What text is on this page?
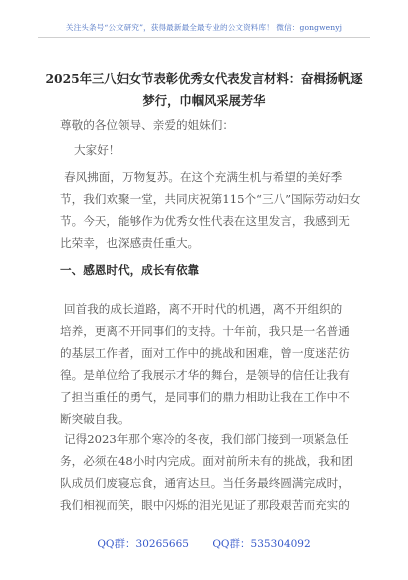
关注头条号“公文研究”，获得最新最全最专业的公文资料库！ 微信：gongwenyj
2025年三八妇女节表彰优秀女代表发言材料：奋楫扬帆逐
梦行，巾帼风采展芳华
尊敬的各位领导、亲爱的姐妹们：
大家好！
春风拂面，万物复苏。在这个充满生机与希望的美好季
节，我们欢聚一堂，共同庆祝第115个“三八”国际劳动妇女
节。今天，能够作为优秀女性代表在这里发言，我感到无
比荣幸，也深感责任重大。
一、感恩时代，成长有依靠
回首我的成长道路，离不开时代的机遇，离不开组织的
培养，更离不开同事们的支持。十年前，我只是一名普通
的基层工作者，面对工作中的挑战和困难，曾一度迷茫彷
徨。是单位给了我展示才华的舞台，是领导的信任让我有
了担当重任的勇气，是同事们的鼎力相助让我在工作中不
断突破自我。
记得2023年那个寒冷的冬夜，我们部门接到一项紧急任
务，必须在48小时内完成。面对前所未有的挑战，我和团
队成员们废寝忘食，通宵达旦。当任务最终圆满完成时，
我们相视而笑，眼中闪烁的泪光见证了那段艰苦而充实的
QQ群：30265665 QQ群：535304092
